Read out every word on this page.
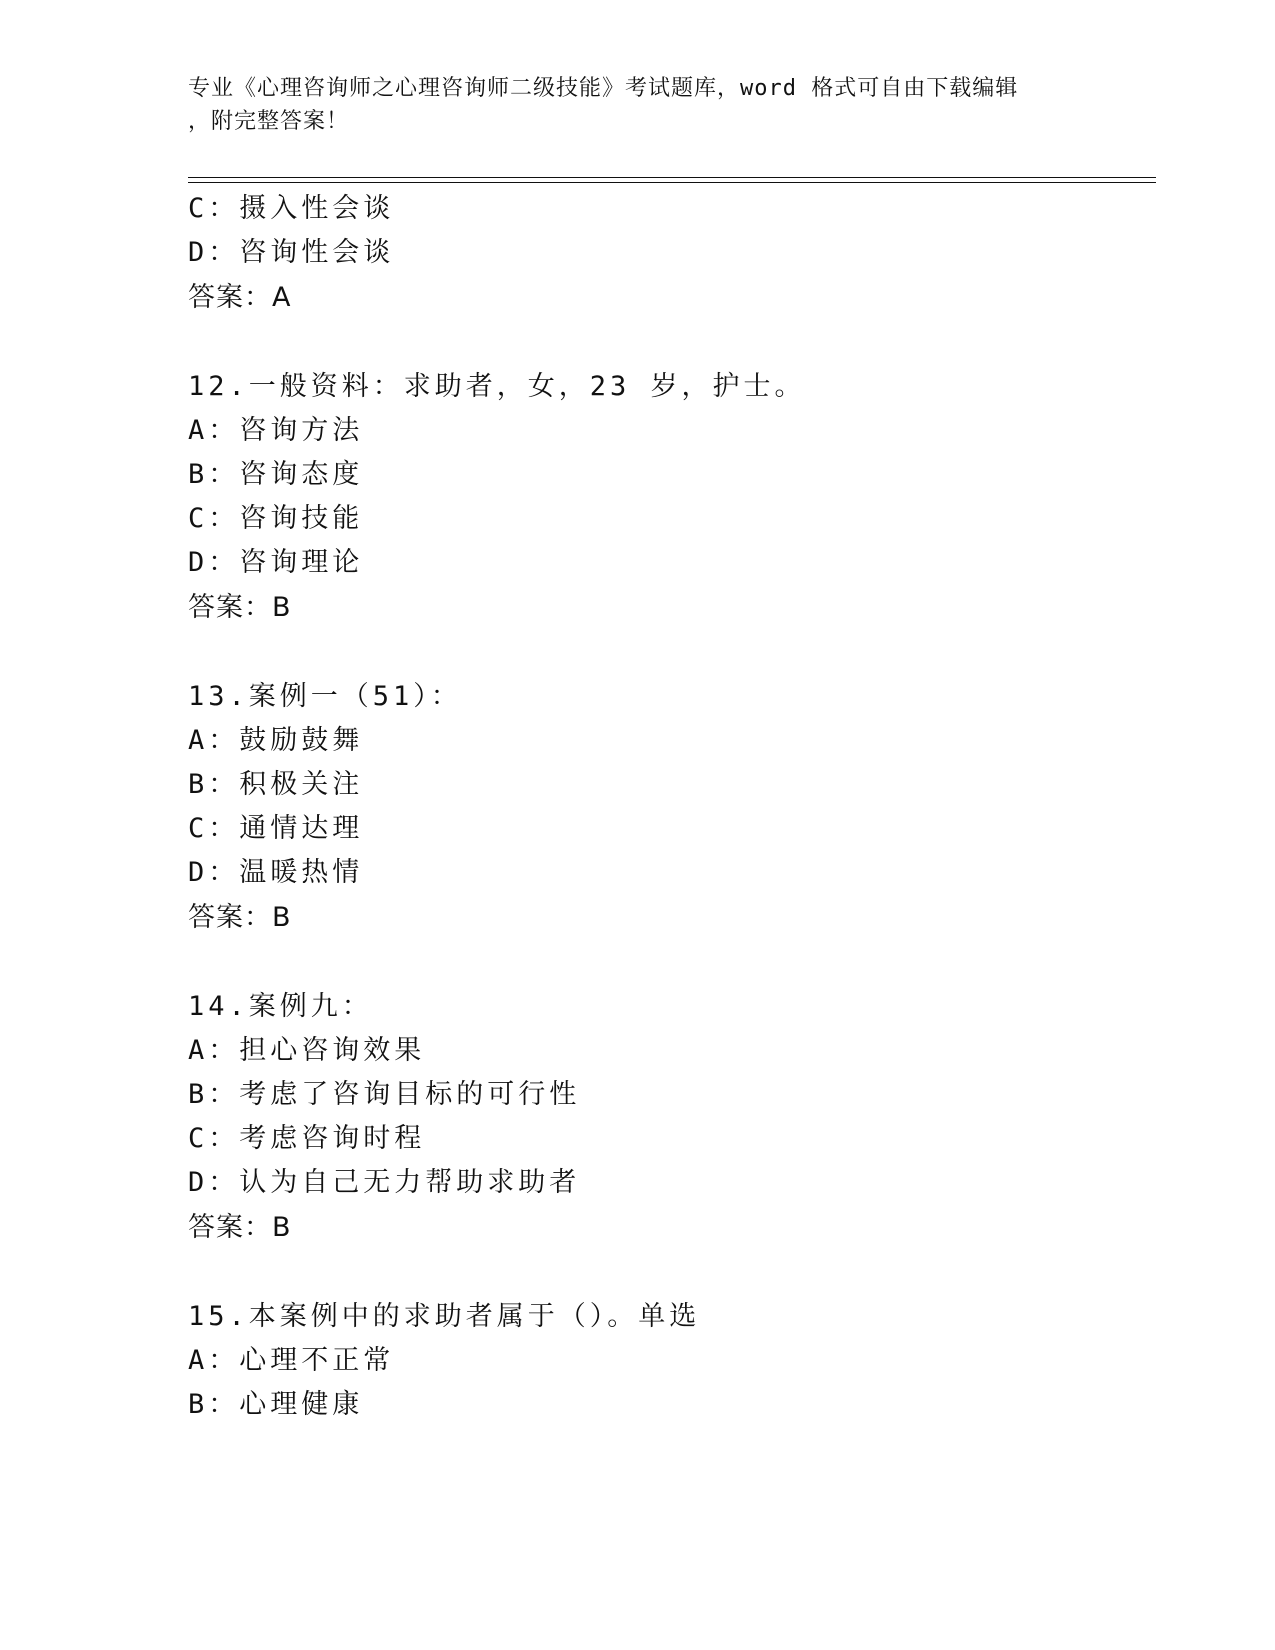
专业《心理咨询师之心理咨询师二级技能》考试题库，word 格式可自由下载编辑
，附完整答案！
C：摄入性会谈
D：咨询性会谈
答案：A
12.一般资料：求助者，女，23 岁，护士。
A：咨询方法
B：咨询态度
C：咨询技能
D：咨询理论
答案：B
13.案例一（51）：
A：鼓励鼓舞
B：积极关注
C：通情达理
D：温暖热情
答案：B
14.案例九：
A：担心咨询效果
B：考虑了咨询目标的可行性
C：考虑咨询时程
D：认为自己无力帮助求助者
答案：B
15.本案例中的求助者属于（）。单选
A：心理不正常
B：心理健康
